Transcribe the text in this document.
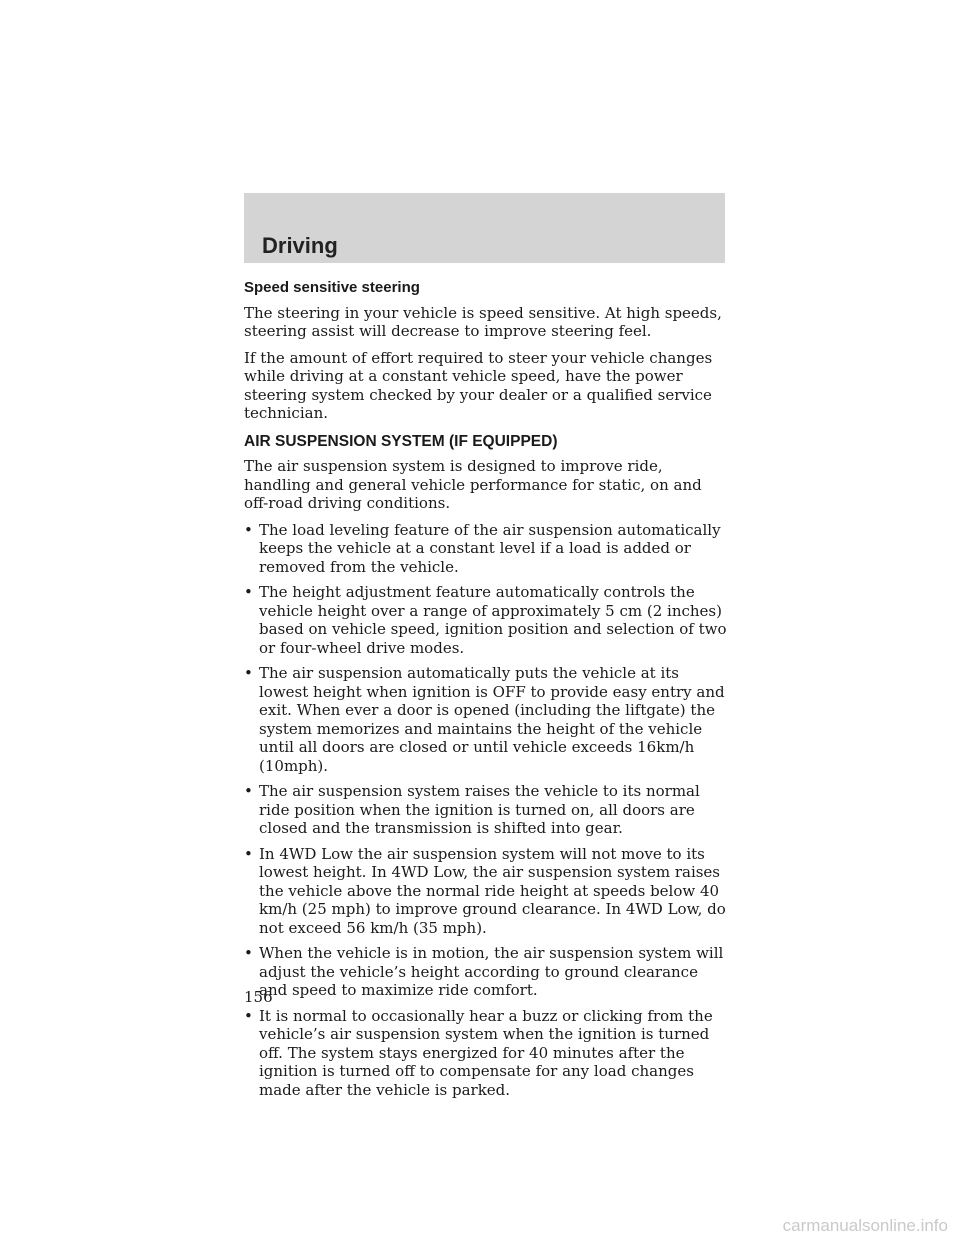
Driving
Speed sensitive steering

The steering in your vehicle is speed sensitive. At high speeds, steering assist will decrease to improve steering feel.

If the amount of effort required to steer your vehicle changes while driving at a constant vehicle speed, have the power steering system checked by your dealer or a qualified service technician.

AIR SUSPENSION SYSTEM (IF EQUIPPED)

The air suspension system is designed to improve ride, handling and general vehicle performance for static, on and off-road driving conditions.

• The load leveling feature of the air suspension automatically keeps the vehicle at a constant level if a load is added or removed from the vehicle.
• The height adjustment feature automatically controls the vehicle height over a range of approximately 5 cm (2 inches) based on vehicle speed, ignition position and selection of two or four-wheel drive modes.
• The air suspension automatically puts the vehicle at its lowest height when ignition is OFF to provide easy entry and exit. When ever a door is opened (including the liftgate) the system memorizes and maintains the height of the vehicle until all doors are closed or until vehicle exceeds 16km/h (10mph).
• The air suspension system raises the vehicle to its normal ride position when the ignition is turned on, all doors are closed and the transmission is shifted into gear.
• In 4WD Low the air suspension system will not move to its lowest height. In 4WD Low, the air suspension system raises the vehicle above the normal ride height at speeds below 40 km/h (25 mph) to improve ground clearance. In 4WD Low, do not exceed 56 km/h (35 mph).
• When the vehicle is in motion, the air suspension system will adjust the vehicle’s height according to ground clearance and speed to maximize ride comfort.
• It is normal to occasionally hear a buzz or clicking from the vehicle’s air suspension system when the ignition is turned off. The system stays energized for 40 minutes after the ignition is turned off to compensate for any load changes made after the vehicle is parked.
156
carmanualsonline.info
